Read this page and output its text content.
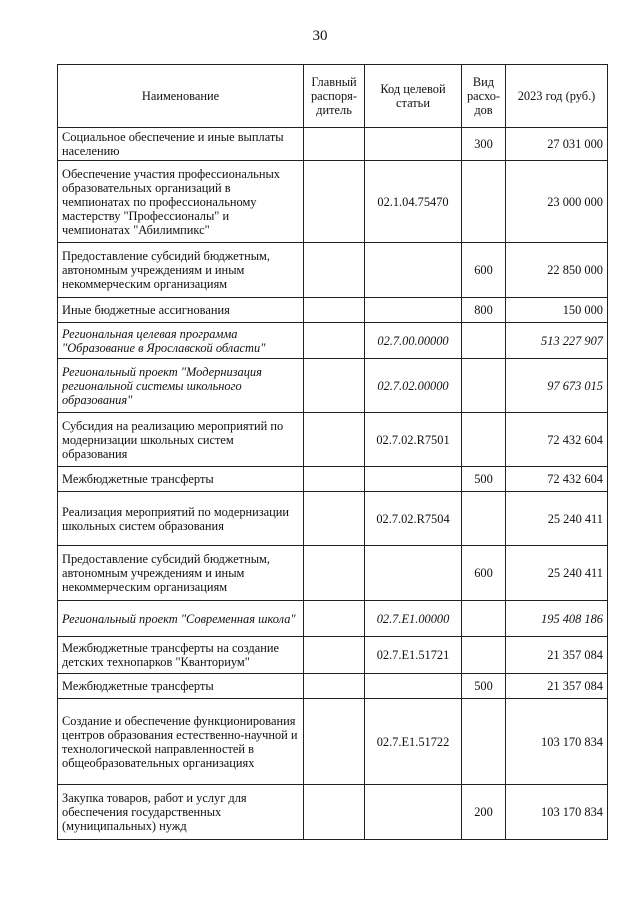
30
Наименование	Главный распоря-дитель	Код целевой статьи	Вид расхо-дов	2023 год (руб.)
Социальное обеспечение и иные выплаты населению			300	27 031 000
Обеспечение участия профессиональных образовательных организаций в чемпионатах по профессиональному мастерству "Профессионалы" и чемпионатах "Абилимпикс"		02.1.04.75470		23 000 000
Предоставление субсидий бюджетным, автономным учреждениям и иным некоммерческим организациям			600	22 850 000
Иные бюджетные ассигнования			800	150 000
Региональная целевая программа "Образование в Ярославской области"		02.7.00.00000		513 227 907
Региональный проект "Модернизация региональной системы школьного образования"		02.7.02.00000		97 673 015
Субсидия на реализацию мероприятий по модернизации школьных систем образования		02.7.02.R7501		72 432 604
Межбюджетные трансферты			500	72 432 604
Реализация мероприятий по модернизации школьных систем образования		02.7.02.R7504		25 240 411
Предоставление субсидий бюджетным, автономным учреждениям и иным некоммерческим организациям			600	25 240 411
Региональный проект "Современная школа"		02.7.E1.00000		195 408 186
Межбюджетные трансферты на создание детских технопарков "Кванториум"		02.7.E1.51721		21 357 084
Межбюджетные трансферты			500	21 357 084
Создание и обеспечение функционирования центров образования естественно-научной и технологической направленностей в общеобразовательных организациях		02.7.E1.51722		103 170 834
Закупка товаров, работ и услуг для обеспечения государственных (муниципальных) нужд			200	103 170 834
